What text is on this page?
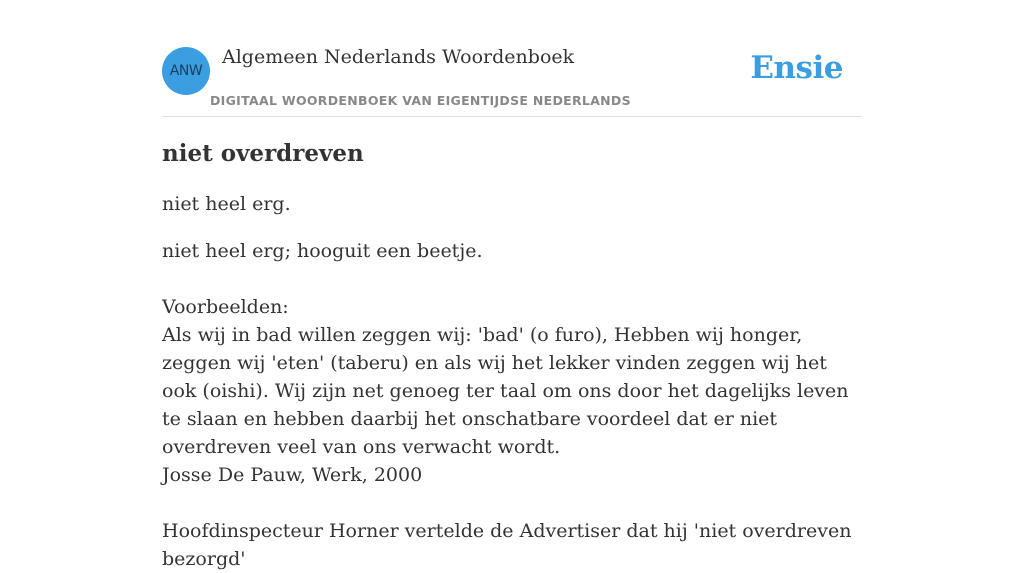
ANW
Algemeen Nederlands Woordenboek
DIGITAAL WOORDENBOEK VAN EIGENTIJDSE NEDERLANDS
Ensie
niet overdreven
niet heel erg.
niet heel erg; hooguit een beetje.
Voorbeelden:
Als wij in bad willen zeggen wij: 'bad' (o furo), Hebben wij honger, zeggen wij 'eten' (taberu) en als wij het lekker vinden zeggen wij het ook (oishi). Wij zijn net genoeg ter taal om ons door het dagelijks leven te slaan en hebben daarbij het onschatbare voordeel dat er niet overdreven veel van ons verwacht wordt.
Josse De Pauw, Werk, 2000
Hoofdinspecteur Horner vertelde de Advertiser dat hij 'niet overdreven bezorgd'
